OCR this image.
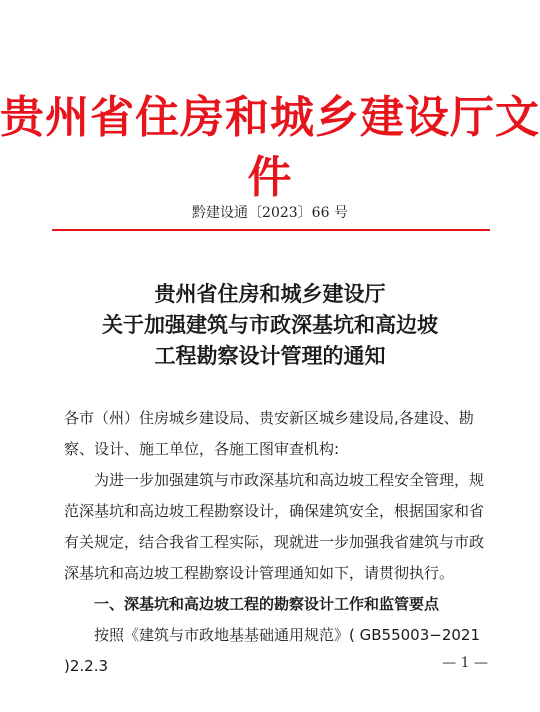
贵州省住房和城乡建设厅文件
黔建设通〔2023〕66 号
贵州省住房和城乡建设厅
关于加强建筑与市政深基坑和高边坡
工程勘察设计管理的通知

各市（州）住房城乡建设局、贵安新区城乡建设局,各建设、勘察、设计、施工单位，各施工图审查机构:

为进一步加强建筑与市政深基坑和高边坡工程安全管理，规范深基坑和高边坡工程勘察设计，确保建筑安全，根据国家和省有关规定，结合我省工程实际，现就进一步加强我省建筑与市政深基坑和高边坡工程勘察设计管理通知如下，请贯彻执行。

一、深基坑和高边坡工程的勘察设计工作和监管要点

按照《建筑与市政地基基础通用规范》( GB55003−2021 )2.2.3	— 1 —
